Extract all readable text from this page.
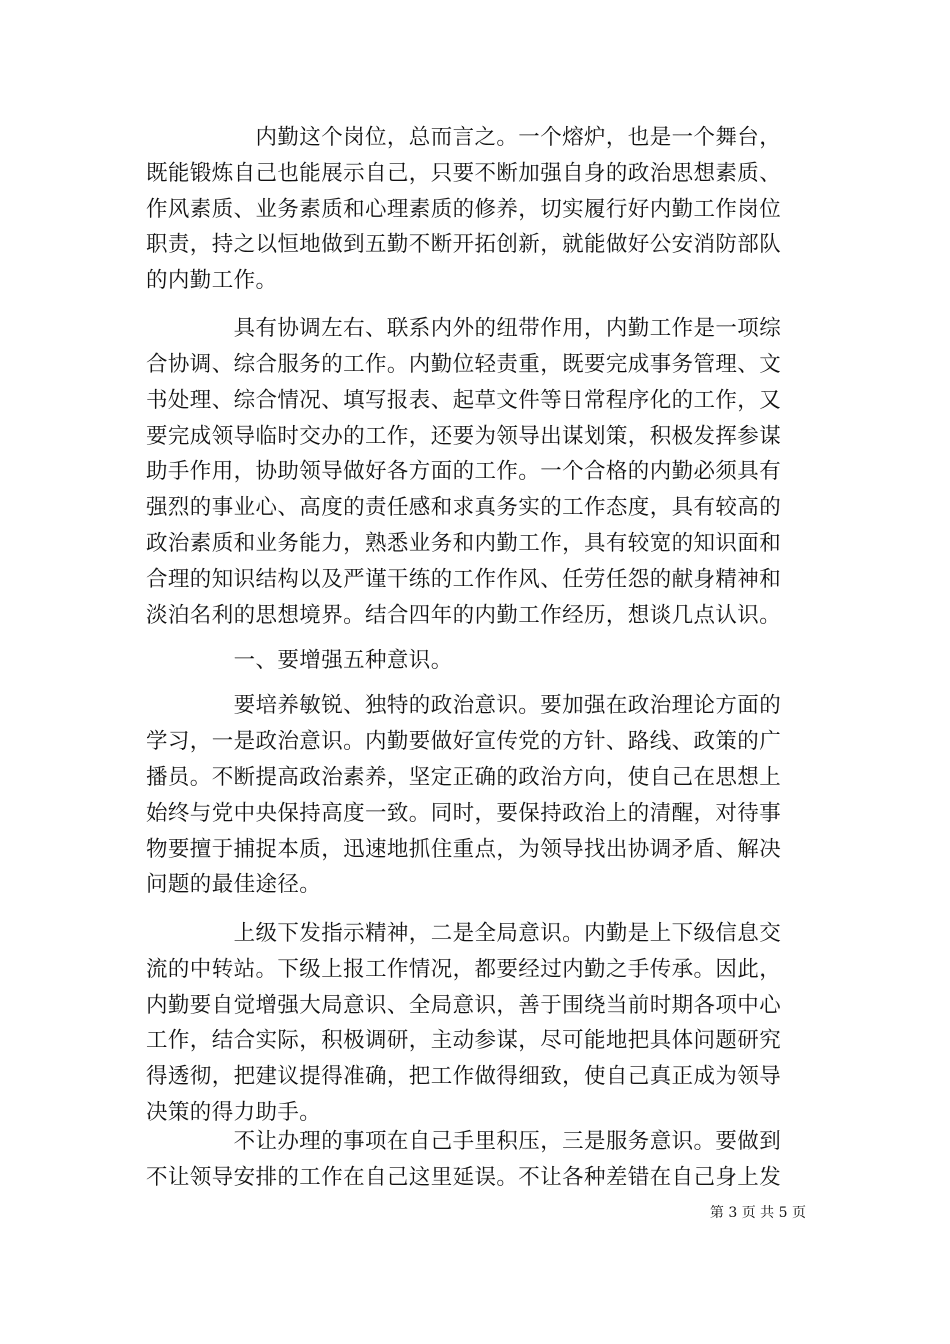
　　　　　内勤这个岗位，总而言之。一个熔炉，也是一个舞台，
既能锻炼自己也能展示自己，只要不断加强自身的政治思想素质、
作风素质、业务素质和心理素质的修养，切实履行好内勤工作岗位
职责，持之以恒地做到五勤不断开拓创新，就能做好公安消防部队
的内勤工作。
　　　　具有协调左右、联系内外的纽带作用，内勤工作是一项综
合协调、综合服务的工作。内勤位轻责重，既要完成事务管理、文
书处理、综合情况、填写报表、起草文件等日常程序化的工作，又
要完成领导临时交办的工作，还要为领导出谋划策，积极发挥参谋
助手作用，协助领导做好各方面的工作。一个合格的内勤必须具有
强烈的事业心、高度的责任感和求真务实的工作态度，具有较高的
政治素质和业务能力，熟悉业务和内勤工作，具有较宽的知识面和
合理的知识结构以及严谨干练的工作作风、任劳任怨的献身精神和
淡泊名利的思想境界。结合四年的内勤工作经历，想谈几点认识。
　　　　一、要增强五种意识。
　　　　要培养敏锐、独特的政治意识。要加强在政治理论方面的
学习，一是政治意识。内勤要做好宣传党的方针、路线、政策的广
播员。不断提高政治素养，坚定正确的政治方向，使自己在思想上
始终与党中央保持高度一致。同时，要保持政治上的清醒，对待事
物要擅于捕捉本质，迅速地抓住重点，为领导找出协调矛盾、解决
问题的最佳途径。
　　　　上级下发指示精神，二是全局意识。内勤是上下级信息交
流的中转站。下级上报工作情况，都要经过内勤之手传承。因此，
内勤要自觉增强大局意识、全局意识，善于围绕当前时期各项中心
工作，结合实际，积极调研，主动参谋，尽可能地把具体问题研究
得透彻，把建议提得准确，把工作做得细致，使自己真正成为领导
决策的得力助手。
　　　　不让办理的事项在自己手里积压，三是服务意识。要做到
不让领导安排的工作在自己这里延误。不让各种差错在自己身上发
第 3 页 共 5 页
